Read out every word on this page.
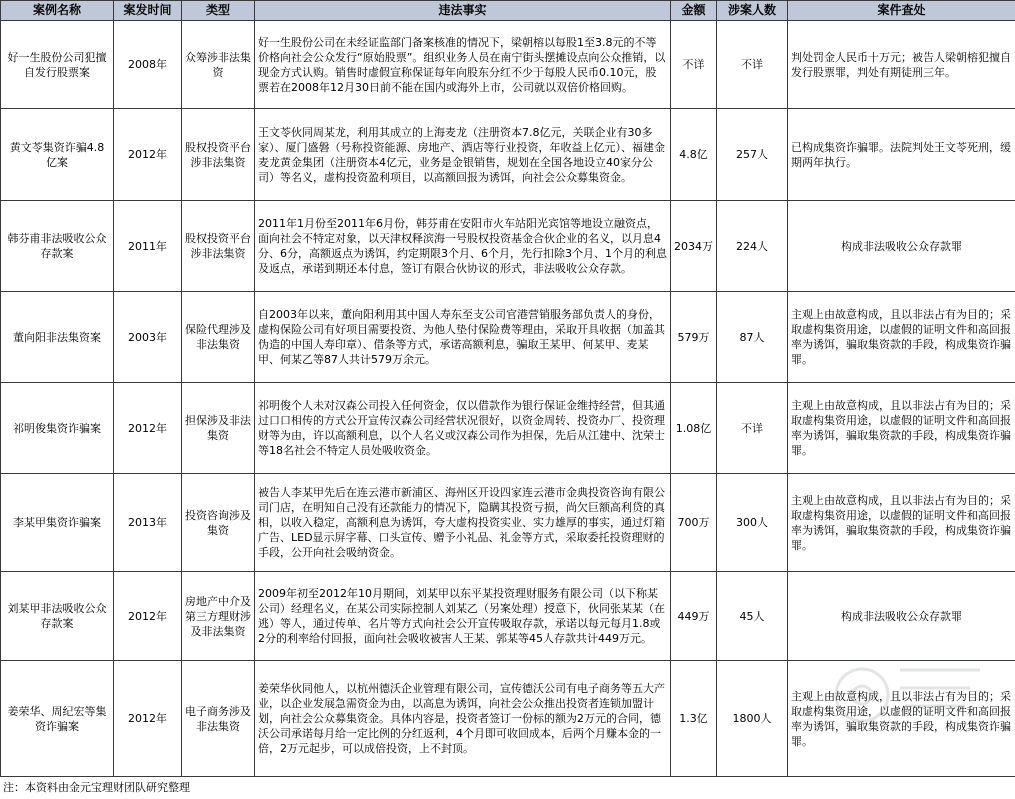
案例名称	案发时间	类型	违法事实	金额	涉案人数	案件查处
好一生股份公司犯擅自发行股票案	2008年	众筹涉非法集资	好一生股份公司在未经证监部门备案核准的情况下，梁朝榕以每股1至3.8元的不等价格向社会公众发行“原始股票”。组织业务人员在南宁街头摆摊设点向公众推销，以现金方式认购。销售时虚假宣称保证每年向股东分红不少于每股人民币0.10元，股票若在2008年12月30日前不能在国内或海外上市，公司就以双倍价格回购。	不详	不详	判处罚金人民币十万元；被告人梁朝榕犯擅自发行股票罪，判处有期徒刑三年。
黄文苓集资诈骗4.8 亿案	2012年	股权投资平台涉非法集资	王文苓伙同周某龙，利用其成立的上海麦龙（注册资本7.8亿元，关联企业有30多家）、厦门盛磐（号称投资能源、房地产、酒店等行业投资，年收益上亿元）、福建金麦龙黄金集团（注册资本4亿元，业务是金银销售，规划在全国各地设立40家分公司）等名义，虚构投资盈利项目，以高额回报为诱饵，向社会公众募集资金。	4.8亿	257人	已构成集资诈骗罪。法院判处王文苓死刑，缓期两年执行。
韩芬甫非法吸收公众存款案	2011年	股权投资平台涉非法集资	2011年1月份至2011年6月份，韩芬甫在安阳市火车站阳光宾馆等地设立融资点，面向社会不特定对象，以天津权释滨海一号股权投资基金合伙企业的名义，以月息4分、6分，高额返点为诱饵，约定期限3个月、6个月，先行扣除3个月、1个月的利息及返点，承诺到期还本付息，签订有限合伙协议的形式，非法吸收公众存款。	2034万	224人	构成非法吸收公众存款罪
董向阳非法集资案	2003年	保险代理涉及非法集资	自2003年以来，董向阳利用其中国人寿东至支公司官港营销服务部负责人的身份，虚构保险公司有好项目需要投资、为他人垫付保险费等理由，采取开具收据（加盖其伪造的中国人寿印章）、借条等方式，承诺高额利息，骗取王某甲、何某甲、麦某甲、何某乙等87人共计579万余元。	579万	87人	主观上由故意构成，且以非法占有为目的；采取虚构集资用途，以虚假的证明文件和高回报率为诱饵，骗取集资款的手段，构成集资诈骗罪。
祁明俊集资诈骗案	2012年	担保涉及非法集资	祁明俊个人未对汉森公司投入任何资金，仅以借款作为银行保证金维持经营，但其通过口口相传的方式公开宣传汉森公司经营状况很好，以资金周转、投资办厂、投资理财等为由，许以高额利息，以个人名义或汉森公司作为担保，先后从江建中、沈荣士等18名社会不特定人员处吸收资金。	1.08亿	不详	主观上由故意构成，且以非法占有为目的；采取虚构集资用途，以虚假的证明文件和高回报率为诱饵，骗取集资款的手段，构成集资诈骗罪。
李某甲集资诈骗案	2013年	投资咨询涉及集资	被告人李某甲先后在连云港市新浦区、海州区开设四家连云港市金典投资咨询有限公司门店，在明知自己没有还款能力的情况下，隐瞒其投资亏损，尚欠巨额高利贷的真相，以收入稳定，高额利息为诱饵，夸大虚构投资实业、实力雄厚的事实，通过灯箱广告、LED显示屏字幕、口头宣传、赠予小礼品、礼金等方式，采取委托投资理财的手段，公开向社会吸纳资金。	700万	300人	主观上由故意构成，且以非法占有为目的；采取虚构集资用途，以虚假的证明文件和高回报率为诱饵，骗取集资款的手段，构成集资诈骗罪。
刘某甲非法吸收公众存款案	2012年	房地产中介及第三方理财涉及非法集资	2009年初至2012年10月期间，刘某甲以东平某投资理财服务有限公司（以下称某公司）经理名义，在某公司实际控制人刘某乙（另案处理）授意下，伙同张某某（在逃）等人，通过传单、名片等方式向社会公开宣传吸取存款，承诺以每元每月1.8或2分的利率给付回报，面向社会吸收被害人王某、郭某等45人存款共计449万元。	449万	45人	构成非法吸收公众存款罪
姜荣华、周纪宏等集资诈骗案	2012年	电子商务涉及非法集资	姜荣华伙同他人，以杭州德沃企业管理有限公司，宣传德沃公司有电子商务等五大产业，以企业发展急需资金为由，以高息为诱饵，向社会公众推出投资者连锁加盟计划，向社会公众募集资金。具体内容是，投资者签订一份标的额为2万元的合同，德沃公司承诺每月给一定比例的分红返利，4个月即可收回成本，后两个月赚本金的一倍，2万元起步，可以成倍投资，上不封顶。	1.3亿	1800人	主观上由故意构成，且以非法占有为目的；采取虚构集资用途，以虚假的证明文件和高回报率为诱饵，骗取集资款的手段，构成集资诈骗罪。
注：本资料由金元宝理财团队研究整理
